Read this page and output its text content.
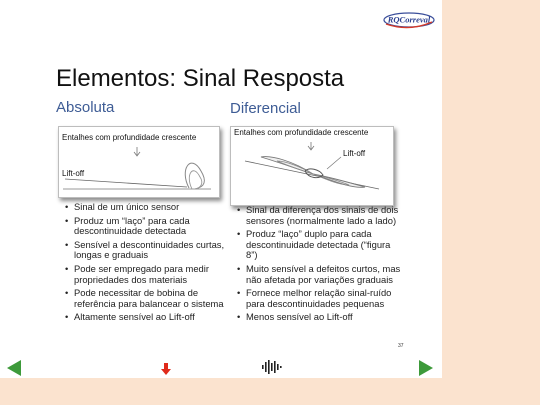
RQCorreval
Elementos: Sinal Resposta
Absoluta	Diferencial
Entalhes com profundidade crescente
Lift-off
Entalhes com profundidade crescente
Lift-off
• Sinal de um único sensor
• Produz um “laço” para cada descontinuidade detectada
• Sensível a descontinuidades curtas, longas e graduais
• Pode ser empregado para medir propriedades dos materiais
• Pode necessitar de bobina de referência para balancear o sistema
• Altamente sensível ao Lift-off
• Sinal da diferença dos sinais de dois sensores (normalmente lado a lado)
• Produz “laço” duplo para cada descontinuidade detectada (“figura 8”)
• Muito sensível a defeitos curtos, mas não afetada por variações graduais
• Fornece melhor relação sinal-ruído para descontinuidades pequenas
• Menos sensível ao Lift-off
37
